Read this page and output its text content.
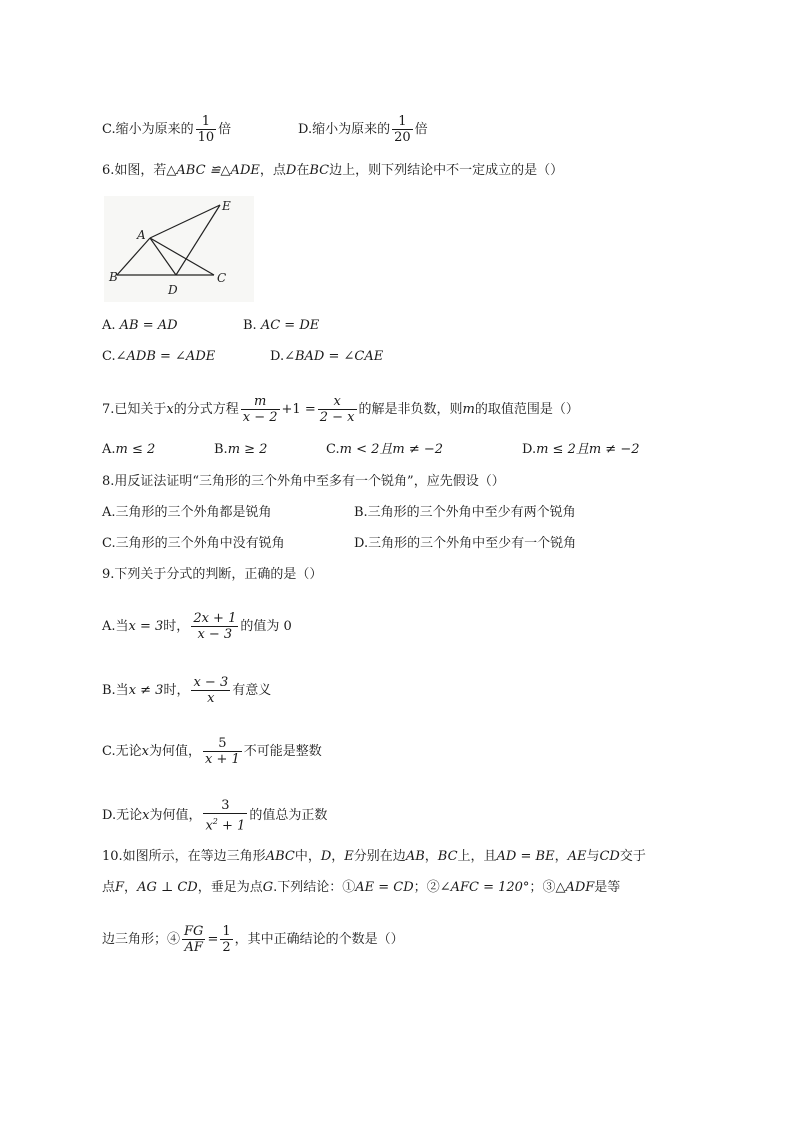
C.缩小为原来的 $\frac{1}{10}$ 倍	D.缩小为原来的 $\frac{1}{20}$ 倍
6.如图，若△ABC ≌△ADE，点D在BC边上，则下列结论中不一定成立的是（）
A
B	C
D
E
A. AB = AD	B. AC = DE
C.∠ADB = ∠ADE	D.∠BAD = ∠CAE
7.已知关于x的分式方程 $\frac{m}{x - 2} +1 = \frac{x}{2 - x}$ 的解是非负数，则m的取值范围是（）
A.m ≤ 2	B.m ≥ 2	C.m < 2且m ≠ −2	D.m ≤ 2且m ≠ −2
8.用反证法证明“三角形的三个外角中至多有一个锐角”，应先假设（）
A.三角形的三个外角都是锐角	B.三角形的三个外角中至少有两个锐角
C.三角形的三个外角中没有锐角	D.三角形的三个外角中至少有一个锐角
9.下列关于分式的判断，正确的是（）
A.当x = 3时， $\frac{2x + 1}{x - 3}$ 的值为 0
B.当x ≠ 3时， $\frac{x - 3}{x}$ 有意义
C.无论x为何值， $\frac{5}{x + 1}$ 不可能是整数
D.无论x为何值， $\frac{3}{x^2 + 1}$ 的值总为正数
10.如图所示，在等边三角形ABC中，D，E分别在边AB，BC上，且AD = BE，AE与CD交于
点F，AG ⊥ CD，垂足为点G.下列结论：①AE = CD；②∠AFC = 120°；③△ADF是等
边三角形；④ $\frac{FG}{AF} = \frac{1}{2}$ ，其中正确结论的个数是（）
